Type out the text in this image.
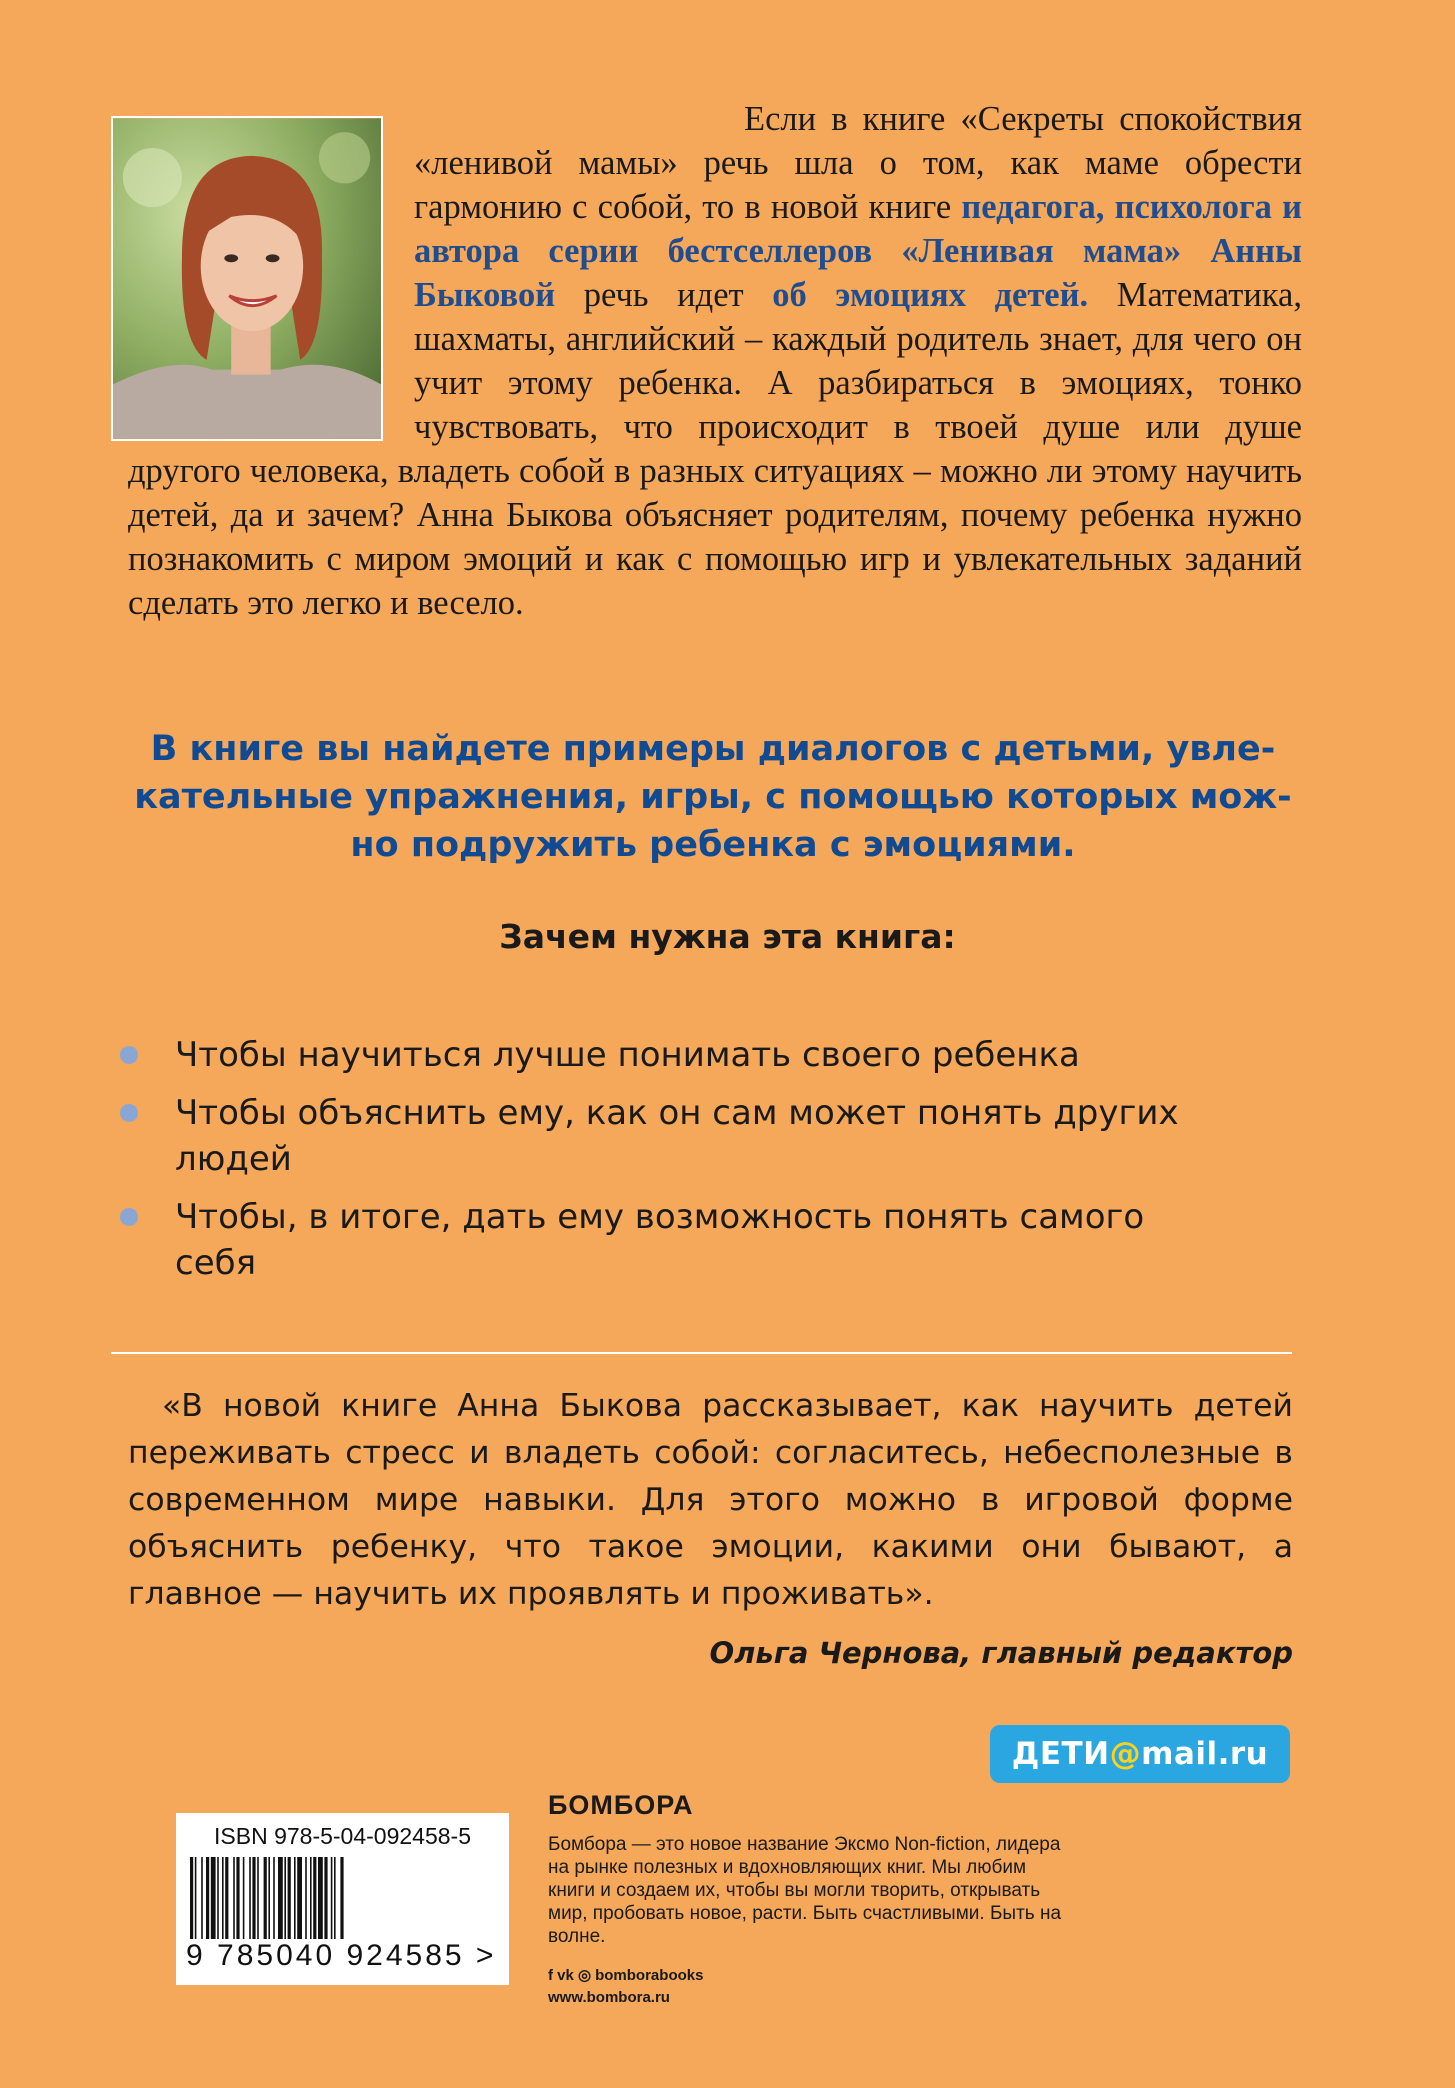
Если в книге «Секреты спокойствия «ленивой мамы» речь шла о том, как маме обрести гармонию с собой, то в новой книге педагога, психолога и автора серии бестселлеров «Ленивая мама» Анны Быковой речь идет об эмоциях детей. Математика, шахматы, английский – каждый родитель знает, для чего он учит этому ребенка. А разбираться в эмоциях, тонко чувствовать, что происходит в твоей душе или душе другого человека, владеть собой в разных ситуациях – можно ли этому научить детей, да и зачем? Анна Быкова объясняет родителям, почему ребенка нужно познакомить с миром эмоций и как с помощью игр и увлекательных заданий сделать это легко и весело.
В книге вы найдете примеры диалогов с детьми, увле-
кательные упражнения, игры, с помощью которых мож-
но подружить ребенка с эмоциями.
Зачем нужна эта книга:
Чтобы научиться лучше понимать своего ребенка
Чтобы объяснить ему, как он сам может понять других людей
Чтобы, в итоге, дать ему возможность понять самого себя
«В новой книге Анна Быкова рассказывает, как научить детей переживать стресс и владеть собой: согласитесь, небесполезные в современном мире навыки. Для этого можно в игровой форме объяснить ребенку, что такое эмоции, какими они бывают, а главное — научить их проявлять и проживать».
Ольга Чернова, главный редактор
ДЕТИ @ mail.ru
ISBN 978-5-04-092458-5
9 785040 924585 >
БОМБОРА
Бомбора — это новое название Эксмо Non-fiction, лидера на рынке полезных и вдохновляющих книг. Мы любим книги и создаем их, чтобы вы могли творить, открывать мир, пробовать новое, расти. Быть счастливыми. Быть на волне.
f vk ◎ bomborabooks
www.bombora.ru
